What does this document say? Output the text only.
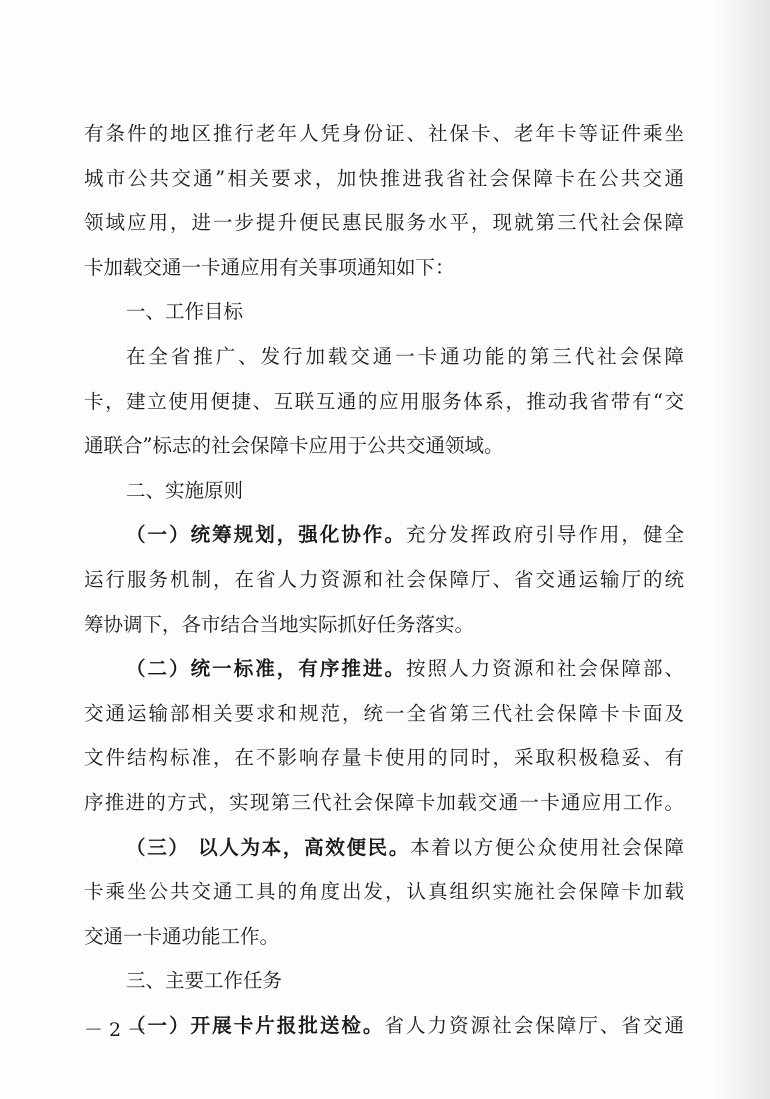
有条件的地区推行老年人凭身份证、社保卡、老年卡等证件乘坐
城市公共交通”相关要求，加快推进我省社会保障卡在公共交通
领域应用，进一步提升便民惠民服务水平，现就第三代社会保障
卡加载交通一卡通应用有关事项通知如下：
一、工作目标
在全省推广、发行加载交通一卡通功能的第三代社会保障
卡，建立使用便捷、互联互通的应用服务体系，推动我省带有“交
通联合”标志的社会保障卡应用于公共交通领域。
二、实施原则
（一）统筹规划，强化协作。充分发挥政府引导作用，健全
运行服务机制，在省人力资源和社会保障厅、省交通运输厅的统
筹协调下，各市结合当地实际抓好任务落实。
（二）统一标准，有序推进。按照人力资源和社会保障部、
交通运输部相关要求和规范，统一全省第三代社会保障卡卡面及
文件结构标准，在不影响存量卡使用的同时，采取积极稳妥、有
序推进的方式，实现第三代社会保障卡加载交通一卡通应用工作。
（三） 以人为本，高效便民。本着以方便公众使用社会保障
卡乘坐公共交通工具的角度出发，认真组织实施社会保障卡加载
交通一卡通功能工作。
三、主要工作任务
（一）开展卡片报批送检。省人力资源社会保障厅、省交通
－ 2 －
